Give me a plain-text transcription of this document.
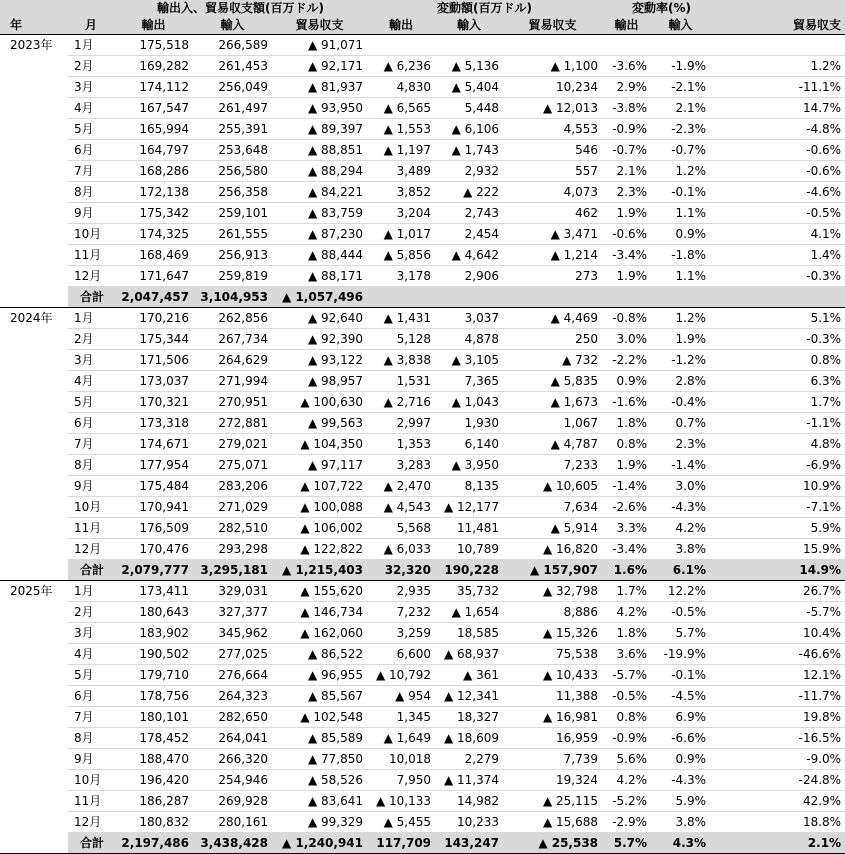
		輸出入、貿易収支額(百万ドル)			変動額(百万ドル)			変動率(%)		
年	月	輸出	輸入	貿易収支	輸出	輸入	貿易収支	輸出	輸入	貿易収支
2023年	1月	175,518	266,589	▲ 91,071						
	2月	169,282	261,453	▲ 92,171	▲ 6,236	▲ 5,136	▲ 1,100	-3.6%	-1.9%	1.2%
	3月	174,112	256,049	▲ 81,937	4,830	▲ 5,404	10,234	2.9%	-2.1%	-11.1%
	4月	167,547	261,497	▲ 93,950	▲ 6,565	5,448	▲ 12,013	-3.8%	2.1%	14.7%
	5月	165,994	255,391	▲ 89,397	▲ 1,553	▲ 6,106	4,553	-0.9%	-2.3%	-4.8%
	6月	164,797	253,648	▲ 88,851	▲ 1,197	▲ 1,743	546	-0.7%	-0.7%	-0.6%
	7月	168,286	256,580	▲ 88,294	3,489	2,932	557	2.1%	1.2%	-0.6%
	8月	172,138	256,358	▲ 84,221	3,852	▲ 222	4,073	2.3%	-0.1%	-4.6%
	9月	175,342	259,101	▲ 83,759	3,204	2,743	462	1.9%	1.1%	-0.5%
	10月	174,325	261,555	▲ 87,230	▲ 1,017	2,454	▲ 3,471	-0.6%	0.9%	4.1%
	11月	168,469	256,913	▲ 88,444	▲ 5,856	▲ 4,642	▲ 1,214	-3.4%	-1.8%	1.4%
	12月	171,647	259,819	▲ 88,171	3,178	2,906	273	1.9%	1.1%	-0.3%
	合計	2,047,457	3,104,953	▲ 1,057,496						
2024年	1月	170,216	262,856	▲ 92,640	▲ 1,431	3,037	▲ 4,469	-0.8%	1.2%	5.1%
	2月	175,344	267,734	▲ 92,390	5,128	4,878	250	3.0%	1.9%	-0.3%
	3月	171,506	264,629	▲ 93,122	▲ 3,838	▲ 3,105	▲ 732	-2.2%	-1.2%	0.8%
	4月	173,037	271,994	▲ 98,957	1,531	7,365	▲ 5,835	0.9%	2.8%	6.3%
	5月	170,321	270,951	▲ 100,630	▲ 2,716	▲ 1,043	▲ 1,673	-1.6%	-0.4%	1.7%
	6月	173,318	272,881	▲ 99,563	2,997	1,930	1,067	1.8%	0.7%	-1.1%
	7月	174,671	279,021	▲ 104,350	1,353	6,140	▲ 4,787	0.8%	2.3%	4.8%
	8月	177,954	275,071	▲ 97,117	3,283	▲ 3,950	7,233	1.9%	-1.4%	-6.9%
	9月	175,484	283,206	▲ 107,722	▲ 2,470	8,135	▲ 10,605	-1.4%	3.0%	10.9%
	10月	170,941	271,029	▲ 100,088	▲ 4,543	▲ 12,177	7,634	-2.6%	-4.3%	-7.1%
	11月	176,509	282,510	▲ 106,002	5,568	11,481	▲ 5,914	3.3%	4.2%	5.9%
	12月	170,476	293,298	▲ 122,822	▲ 6,033	10,789	▲ 16,820	-3.4%	3.8%	15.9%
	合計	2,079,777	3,295,181	▲ 1,215,403	32,320	190,228	▲ 157,907	1.6%	6.1%	14.9%
2025年	1月	173,411	329,031	▲ 155,620	2,935	35,732	▲ 32,798	1.7%	12.2%	26.7%
	2月	180,643	327,377	▲ 146,734	7,232	▲ 1,654	8,886	4.2%	-0.5%	-5.7%
	3月	183,902	345,962	▲ 162,060	3,259	18,585	▲ 15,326	1.8%	5.7%	10.4%
	4月	190,502	277,025	▲ 86,522	6,600	▲ 68,937	75,538	3.6%	-19.9%	-46.6%
	5月	179,710	276,664	▲ 96,955	▲ 10,792	▲ 361	▲ 10,433	-5.7%	-0.1%	12.1%
	6月	178,756	264,323	▲ 85,567	▲ 954	▲ 12,341	11,388	-0.5%	-4.5%	-11.7%
	7月	180,101	282,650	▲ 102,548	1,345	18,327	▲ 16,981	0.8%	6.9%	19.8%
	8月	178,452	264,041	▲ 85,589	▲ 1,649	▲ 18,609	16,959	-0.9%	-6.6%	-16.5%
	9月	188,470	266,320	▲ 77,850	10,018	2,279	7,739	5.6%	0.9%	-9.0%
	10月	196,420	254,946	▲ 58,526	7,950	▲ 11,374	19,324	4.2%	-4.3%	-24.8%
	11月	186,287	269,928	▲ 83,641	▲ 10,133	14,982	▲ 25,115	-5.2%	5.9%	42.9%
	12月	180,832	280,161	▲ 99,329	▲ 5,455	10,233	▲ 15,688	-2.9%	3.8%	18.8%
	合計	2,197,486	3,438,428	▲ 1,240,941	117,709	143,247	▲ 25,538	5.7%	4.3%	2.1%
